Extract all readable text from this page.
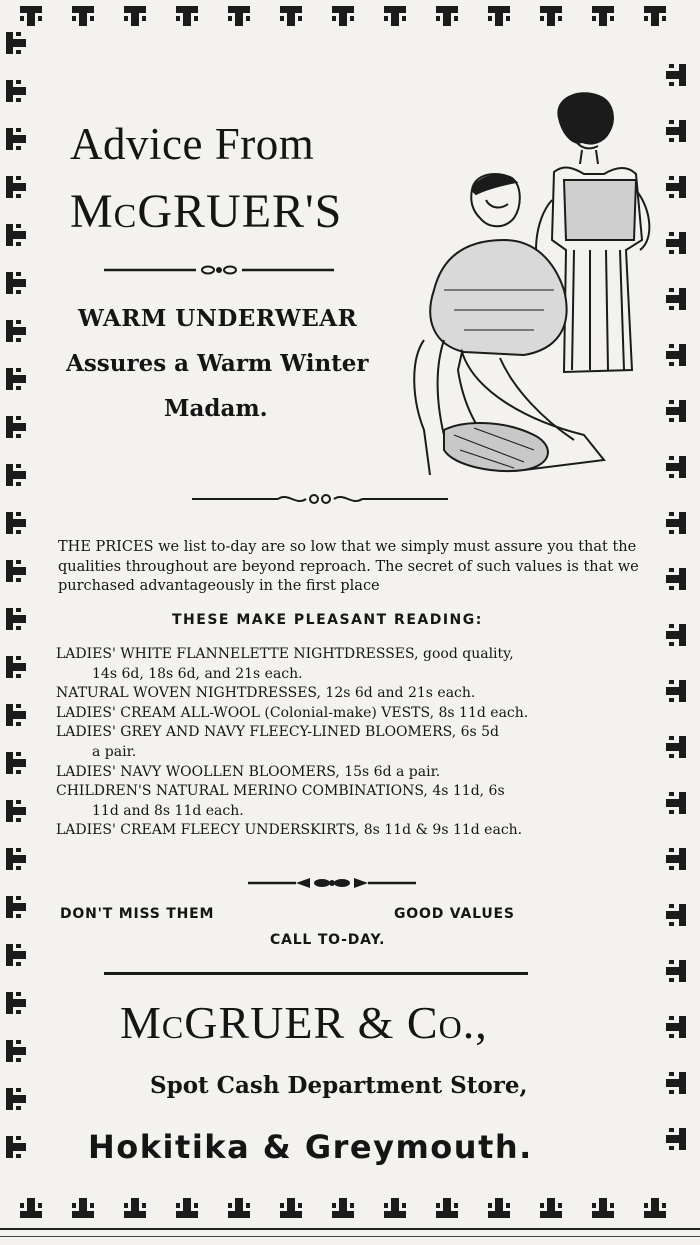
Advice From
McGRUER'S
WARM UNDERWEAR
Assures a Warm Winter
Madam.
THE PRICES we list to-day are so low that we simply must assure you that the qualities throughout are beyond reproach. The secret of such values is that we purchased advantageously in the first place
THESE MAKE PLEASANT READING:
LADIES' WHITE FLANNELETTE NIGHTDRESSES, good quality,
14s 6d, 18s 6d, and 21s each.
NATURAL WOVEN NIGHTDRESSES, 12s 6d and 21s each.
LADIES' CREAM ALL-WOOL (Colonial-make) VESTS, 8s 11d each.
LADIES' GREY AND NAVY FLEECY-LINED BLOOMERS, 6s 5d
a pair.
LADIES' NAVY WOOLLEN BLOOMERS, 15s 6d a pair.
CHILDREN'S NATURAL MERINO COMBINATIONS, 4s 11d, 6s
11d and 8s 11d each.
LADIES' CREAM FLEECY UNDERSKIRTS, 8s 11d & 9s 11d each.
DON'T MISS THEM	GOOD VALUES
CALL TO-DAY.
McGRUER & Co.,
Spot Cash Department Store,
Hokitika & Greymouth.
